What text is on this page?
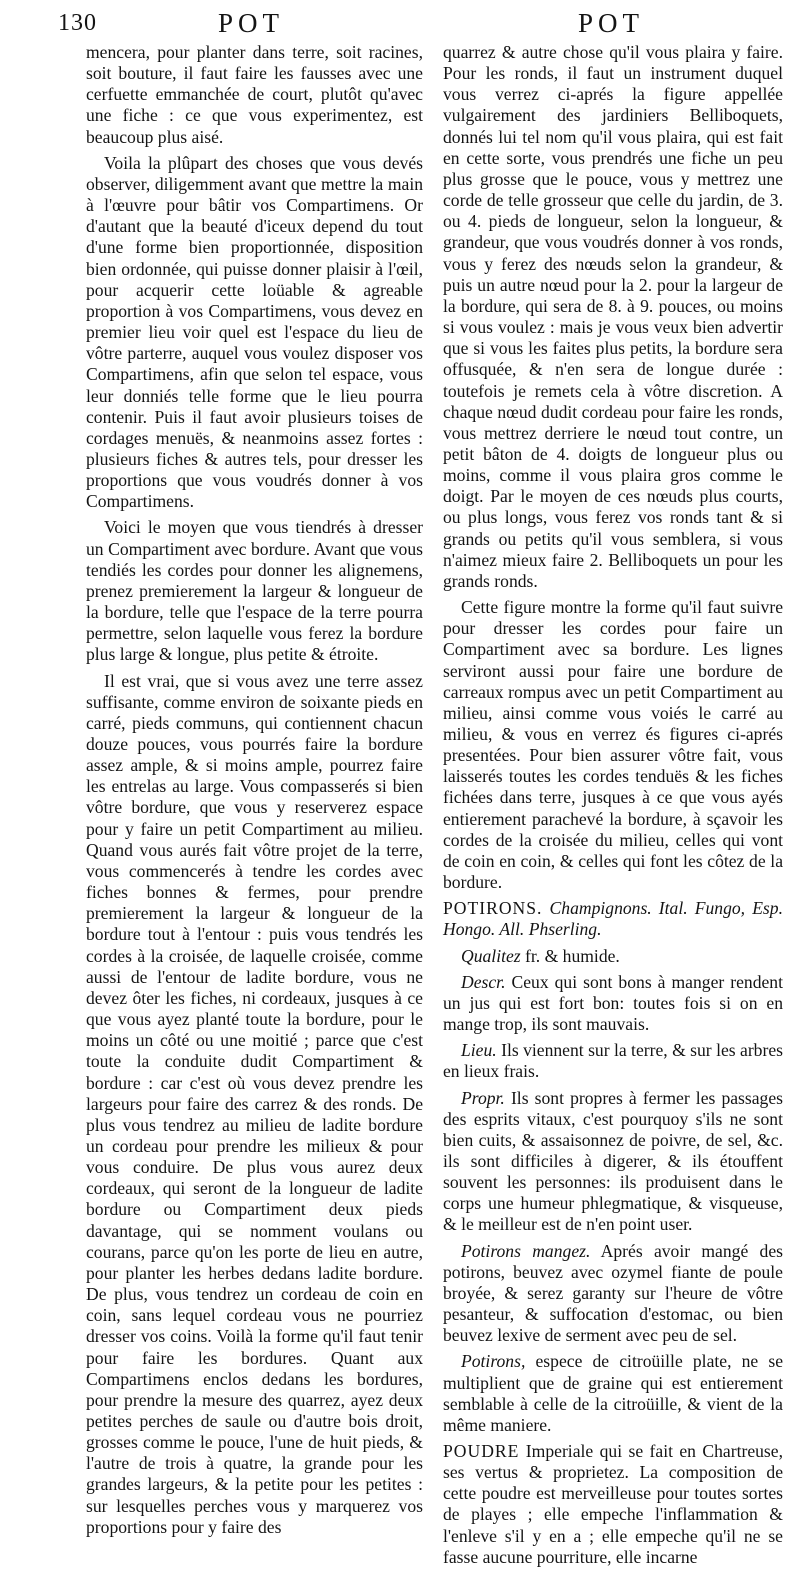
130	POT	POT

mencera, pour planter dans terre, soit racines, soit bouture, il faut faire les fausses avec une cerfuette emmanchée de court, plutôt qu'avec une fiche : ce que vous experimentez, est beaucoup plus aisé.

Voila la plûpart des choses que vous devés observer, diligemment avant que mettre la main à l'œuvre pour bâtir vos Compartimens. Or d'autant que la beauté d'iceux depend du tout d'une forme bien proportionnée, disposition bien ordonnée, qui puisse donner plaisir à l'œil, pour acquerir cette loüable & agreable proportion à vos Compartimens, vous devez en premier lieu voir quel est l'espace du lieu de vôtre parterre, auquel vous voulez disposer vos Compartimens, afin que selon tel espace, vous leur donniés telle forme que le lieu pourra contenir. Puis il faut avoir plusieurs toises de cordages menuës, & neanmoins assez fortes : plusieurs fiches & autres tels, pour dresser les proportions que vous voudrés donner à vos Compartimens.

Voici le moyen que vous tiendrés à dresser un Compartiment avec bordure. Avant que vous tendiés les cordes pour donner les alignemens, prenez premierement la largeur & longueur de la bordure, telle que l'espace de la terre pourra permettre, selon laquelle vous ferez la bordure plus large & longue, plus petite & étroite.

Il est vrai, que si vous avez une terre assez suffisante, comme environ de soixante pieds en carré, pieds communs, qui contiennent chacun douze pouces, vous pourrés faire la bordure assez ample, & si moins ample, pourrez faire les entrelas au large. Vous compasserés si bien vôtre bordure, que vous y reserverez espace pour y faire un petit Compartiment au milieu. Quand vous aurés fait vôtre projet de la terre, vous commencerés à tendre les cordes avec fiches bonnes & fermes, pour prendre premierement la largeur & longueur de la bordure tout à l'entour : puis vous tendrés les cordes à la croisée, de laquelle croisée, comme aussi de l'entour de ladite bordure, vous ne devez ôter les fiches, ni cordeaux, jusques à ce que vous ayez planté toute la bordure, pour le moins un côté ou une moitié ; parce que c'est toute la conduite dudit Compartiment & bordure : car c'est où vous devez prendre les largeurs pour faire des carrez & des ronds. De plus vous tendrez au milieu de ladite bordure un cordeau pour prendre les milieux & pour vous conduire. De plus vous aurez deux cordeaux, qui seront de la longueur de ladite bordure ou Compartiment deux pieds davantage, qui se nomment voulans ou courans, parce qu'on les porte de lieu en autre, pour planter les herbes dedans ladite bordure. De plus, vous tendrez un cordeau de coin en coin, sans lequel cordeau vous ne pourriez dresser vos coins. Voilà la forme qu'il faut tenir pour faire les bordures. Quant aux Compartimens enclos dedans les bordures, pour prendre la mesure des quarrez, ayez deux petites perches de saule ou d'autre bois droit, grosses comme le pouce, l'une de huit pieds, & l'autre de trois à quatre, la grande pour les grandes largeurs, & la petite pour les petites : sur lesquelles perches vous y marquerez vos proportions pour y faire des

quarrez & autre chose qu'il vous plaira y faire. Pour les ronds, il faut un instrument duquel vous verrez ci-aprés la figure appellée vulgairement des jardiniers Belliboquets, donnés lui tel nom qu'il vous plaira, qui est fait en cette sorte, vous prendrés une fiche un peu plus grosse que le pouce, vous y mettrez une corde de telle grosseur que celle du jardin, de 3. ou 4. pieds de longueur, selon la longueur, & grandeur, que vous voudrés donner à vos ronds, vous y ferez des nœuds selon la grandeur, & puis un autre nœud pour la 2. pour la largeur de la bordure, qui sera de 8. à 9. pouces, ou moins si vous voulez : mais je vous veux bien advertir que si vous les faites plus petits, la bordure sera offusquée, & n'en sera de longue durée : toutefois je remets cela à vôtre discretion. A chaque nœud dudit cordeau pour faire les ronds, vous mettrez derriere le nœud tout contre, un petit bâton de 4. doigts de longueur plus ou moins, comme il vous plaira gros comme le doigt. Par le moyen de ces nœuds plus courts, ou plus longs, vous ferez vos ronds tant & si grands ou petits qu'il vous semblera, si vous n'aimez mieux faire 2. Belliboquets un pour les grands ronds.

Cette figure montre la forme qu'il faut suivre pour dresser les cordes pour faire un Compartiment avec sa bordure. Les lignes serviront aussi pour faire une bordure de carreaux rompus avec un petit Compartiment au milieu, ainsi comme vous voiés le carré au milieu, & vous en verrez és figures ci-aprés presentées. Pour bien assurer vôtre fait, vous laisserés toutes les cordes tenduës & les fiches fichées dans terre, jusques à ce que vous ayés entierement parachevé la bordure, à sçavoir les cordes de la croisée du milieu, celles qui vont de coin en coin, & celles qui font les côtez de la bordure.

POTIRONS. Champignons. Ital. Fungo, Esp. Hongo. All. Phserling.

Qualitez fr. & humide.

Descr. Ceux qui sont bons à manger rendent un jus qui est fort bon: toutes fois si on en mange trop, ils sont mauvais.

Lieu. Ils viennent sur la terre, & sur les arbres en lieux frais.

Propr. Ils sont propres à fermer les passages des esprits vitaux, c'est pourquoy s'ils ne sont bien cuits, & assaisonnez de poivre, de sel, &c. ils sont difficiles à digerer, & ils étouffent souvent les personnes: ils produisent dans le corps une humeur phlegmatique, & visqueuse, & le meilleur est de n'en point user.

Potirons mangez. Aprés avoir mangé des potirons, beuvez avec ozymel fiante de poule broyée, & serez garanty sur l'heure de vôtre pesanteur, & suffocation d'estomac, ou bien beuvez lexive de serment avec peu de sel.

Potirons, espece de citroüille plate, ne se multiplient que de graine qui est entierement semblable à celle de la citroüille, & vient de la même maniere.

POUDRE Imperiale qui se fait en Chartreuse, ses vertus & proprietez. La composition de cette poudre est merveilleuse pour toutes sortes de playes ; elle empeche l'inflammation & l'enleve s'il y en a ; elle empeche qu'il ne se fasse aucune pourriture, elle incarne
